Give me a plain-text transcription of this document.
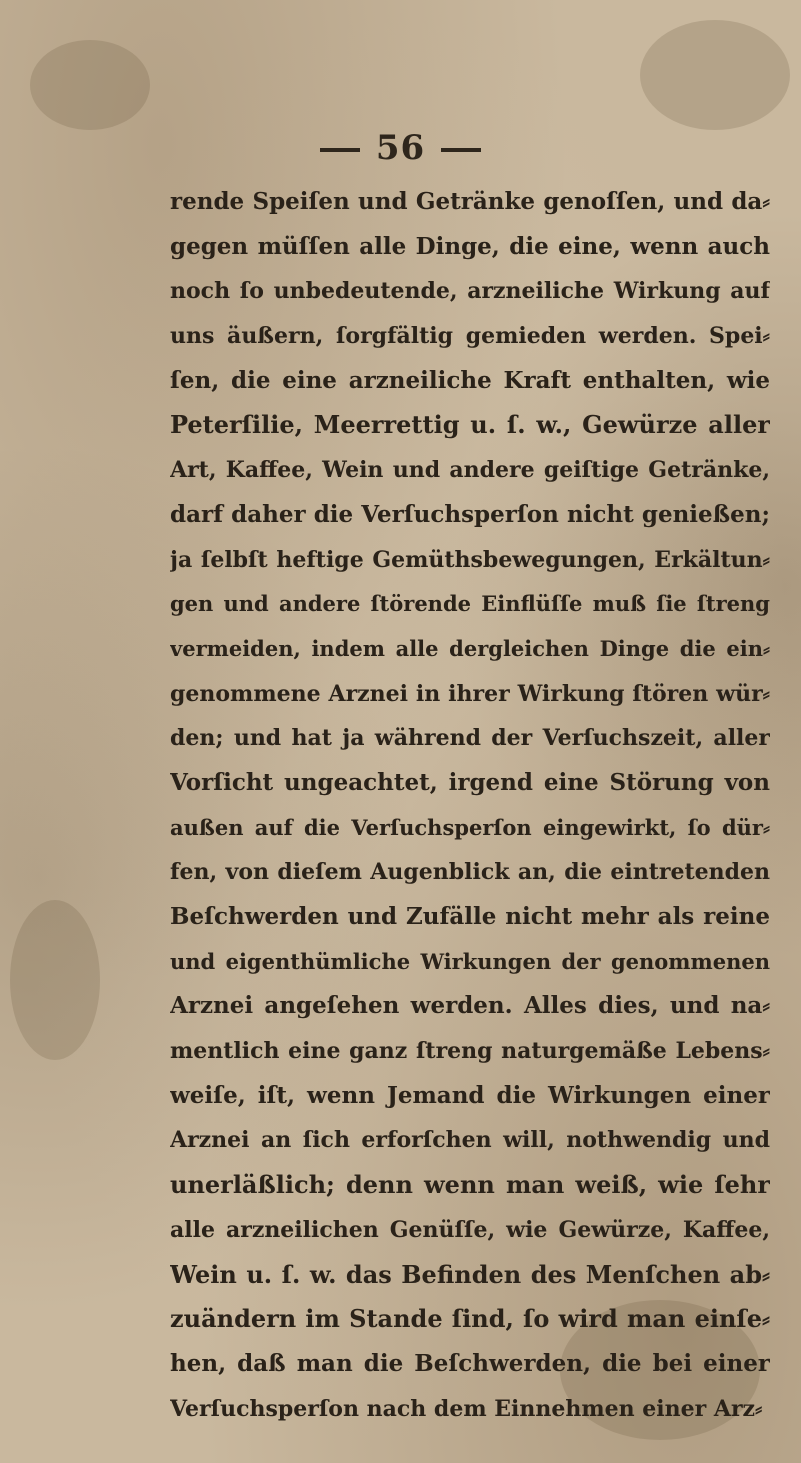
56
rende Speiſen und Getränke genoſſen, und da⸗
gegen müſſen alle Dinge, die eine, wenn auch
noch ſo unbedeutende, arzneiliche Wirkung auf
uns äußern, ſorgfältig gemieden werden. Spei⸗
ſen, die eine arzneiliche Kraft enthalten, wie
Peterſilie, Meerrettig u. ſ. w., Gewürze aller
Art, Kaffee, Wein und andere geiſtige Getränke,
darf daher die Verſuchsperſon nicht genießen;
ja ſelbſt heftige Gemüthsbewegungen, Erkältun⸗
gen und andere ſtörende Einflüſſe muß ſie ſtreng
vermeiden, indem alle dergleichen Dinge die ein⸗
genommene Arznei in ihrer Wirkung ſtören wür⸗
den; und hat ja während der Verſuchszeit, aller
Vorſicht ungeachtet, irgend eine Störung von
außen auf die Verſuchsperſon eingewirkt, ſo dür⸗
fen, von dieſem Augenblick an, die eintretenden
Beſchwerden und Zufälle nicht mehr als reine
und eigenthümliche Wirkungen der genommenen
Arznei angeſehen werden. Alles dies, und na⸗
mentlich eine ganz ſtreng naturgemäße Lebens⸗
weiſe, iſt, wenn Jemand die Wirkungen einer
Arznei an ſich erforſchen will, nothwendig und
unerläßlich; denn wenn man weiß, wie ſehr
alle arzneilichen Genüſſe, wie Gewürze, Kaffee,
Wein u. ſ. w. das Befinden des Menſchen ab⸗
zuändern im Stande ſind, ſo wird man einſe⸗
hen, daß man die Beſchwerden, die bei einer
Verſuchsperſon nach dem Einnehmen einer Arz⸗
